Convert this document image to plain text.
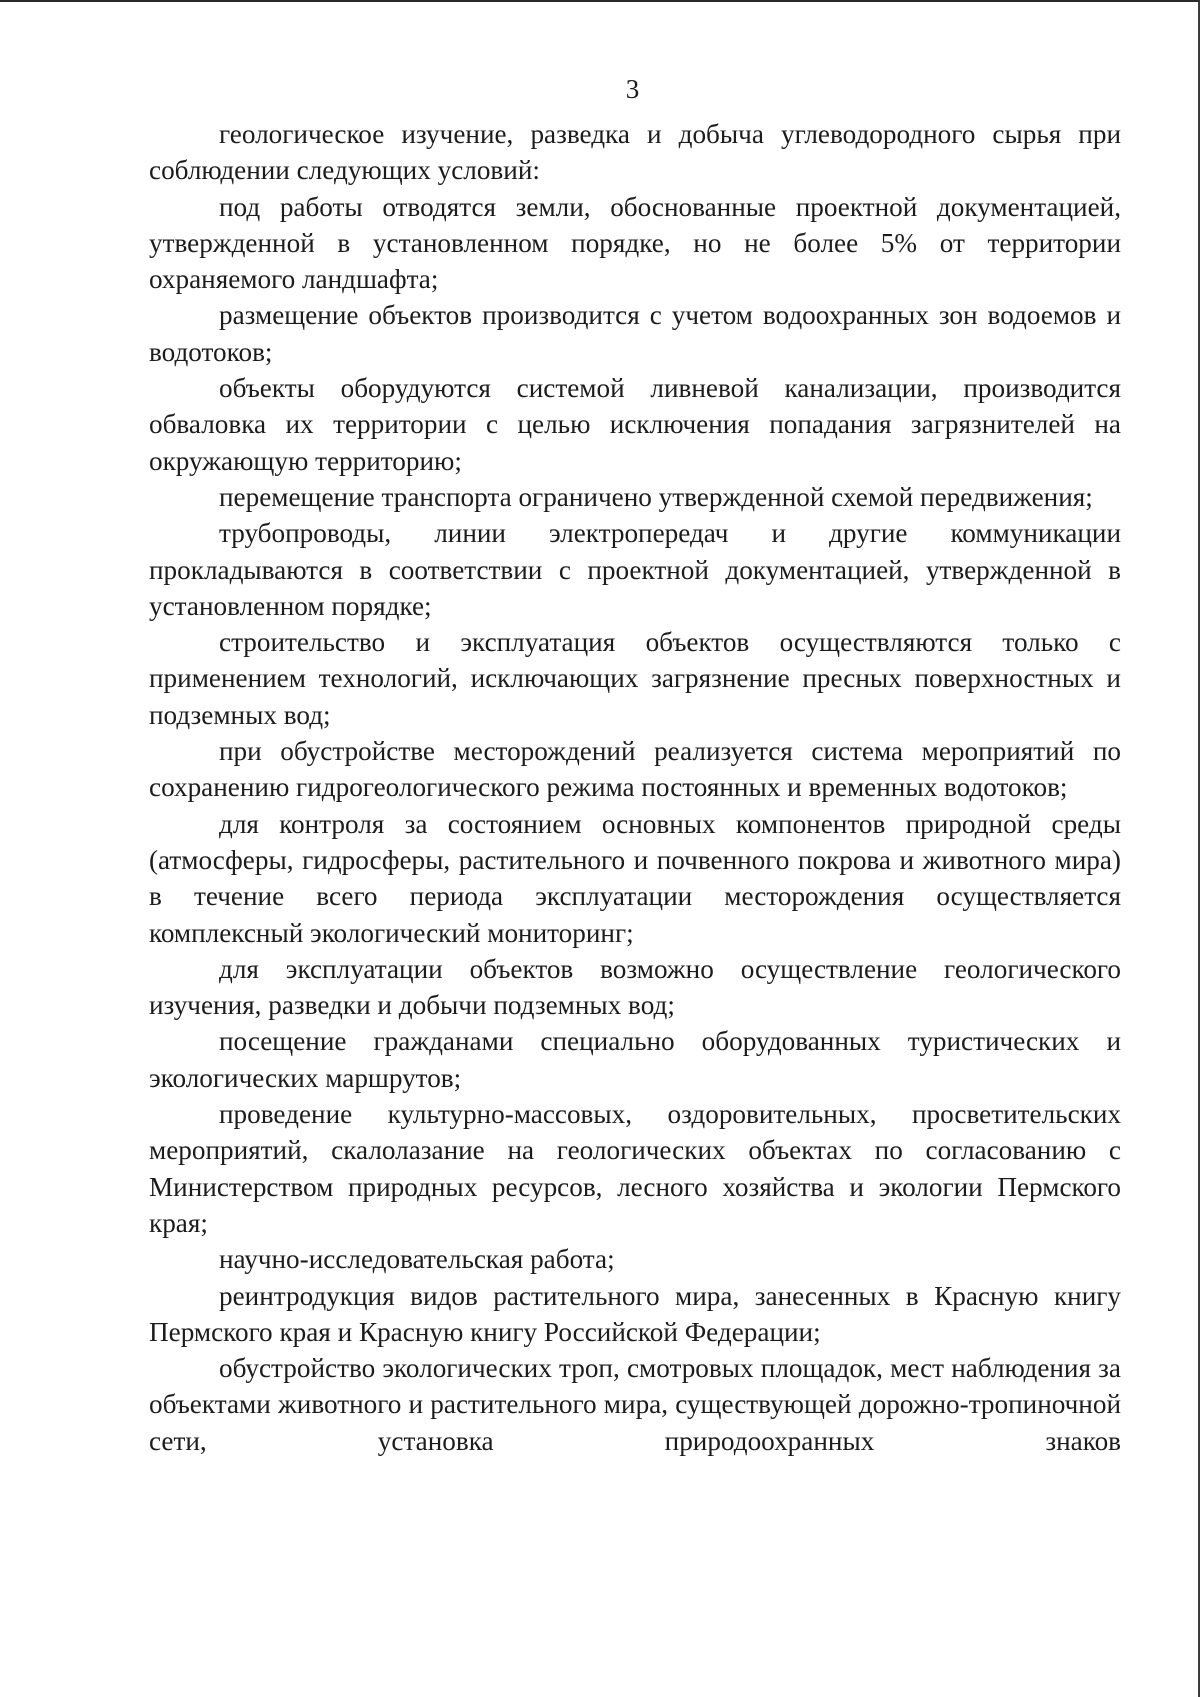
3

геологическое изучение, разведка и добыча углеводородного сырья при соблюдении следующих условий:

под работы отводятся земли, обоснованные проектной документацией, утвержденной в установленном порядке, но не более 5% от территории охраняемого ландшафта;

размещение объектов производится с учетом водоохранных зон водоемов и водотоков;

объекты оборудуются системой ливневой канализации, производится обваловка их территории с целью исключения попадания загрязнителей на окружающую территорию;

перемещение транспорта ограничено утвержденной схемой передвижения;

трубопроводы, линии электропередач и другие коммуникации прокладываются в соответствии с проектной документацией, утвержденной в установленном порядке;

строительство и эксплуатация объектов осуществляются только с применением технологий, исключающих загрязнение пресных поверхностных и подземных вод;

при обустройстве месторождений реализуется система мероприятий по сохранению гидрогеологического режима постоянных и временных водотоков;

для контроля за состоянием основных компонентов природной среды (атмосферы, гидросферы, растительного и почвенного покрова и животного мира) в течение всего периода эксплуатации месторождения осуществляется комплексный экологический мониторинг;

для эксплуатации объектов возможно осуществление геологического изучения, разведки и добычи подземных вод;

посещение гражданами специально оборудованных туристических и экологических маршрутов;

проведение культурно-массовых, оздоровительных, просветительских мероприятий, скалолазание на геологических объектах по согласованию с Министерством природных ресурсов, лесного хозяйства и экологии Пермского края;

научно-исследовательская работа;

реинтродукция видов растительного мира, занесенных в Красную книгу Пермского края и Красную книгу Российской Федерации;

обустройство экологических троп, смотровых площадок, мест наблюдения за объектами животного и растительного мира, существующей дорожно-тропиночной сети, установка природоохранных знаков
